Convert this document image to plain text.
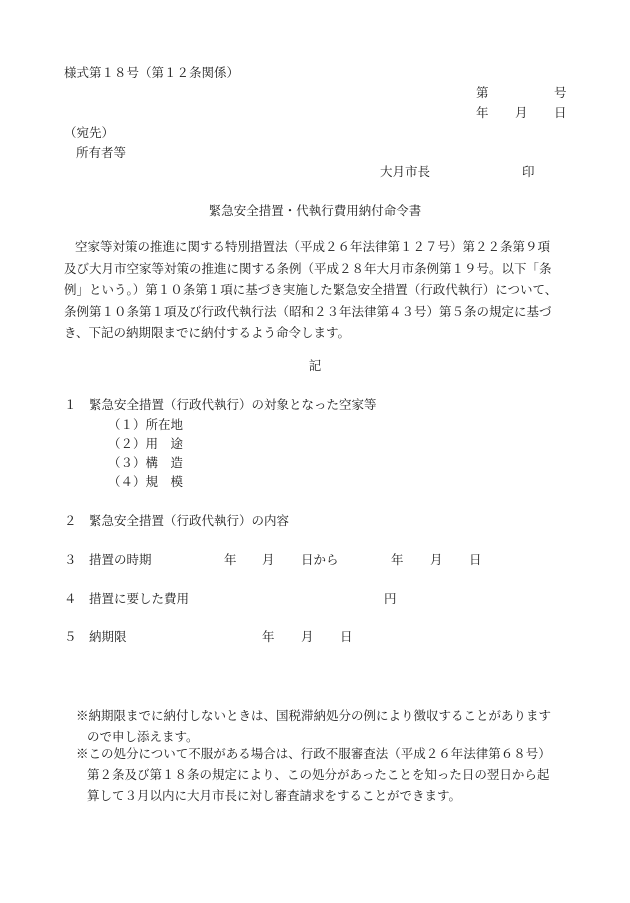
様式第１８号（第１２条関係）
第	号
年 月 日
（宛先）
所有者等
大月市長	印
緊急安全措置・代執行費用納付命令書
空家等対策の推進に関する特別措置法（平成２６年法律第１２７号）第２２条第９項
及び大月市空家等対策の推進に関する条例（平成２８年大月市条例第１９号。以下「条
例」という。）第１０条第１項に基づき実施した緊急安全措置（行政代執行）について、
条例第１０条第１項及び行政代執行法（昭和２３年法律第４３号）第５条の規定に基づ
き、下記の納期限までに納付するよう命令します。
記
１ 緊急安全措置（行政代執行）の対象となった空家等
（１）所在地
（２）用　途
（３）構　造
（４）規　模
２ 緊急安全措置（行政代執行）の内容
３ 措置の時期	年 月 日から	年 月 日
４ 措置に要した費用	円
５ 納期限	年 月 日
※納期限までに納付しないときは、国税滞納処分の例により徴収することがあります
ので申し添えます。
※この処分について不服がある場合は、行政不服審査法（平成２６年法律第６８号）
第２条及び第１８条の規定により、この処分があったことを知った日の翌日から起
算して３月以内に大月市長に対し審査請求をすることができます。
